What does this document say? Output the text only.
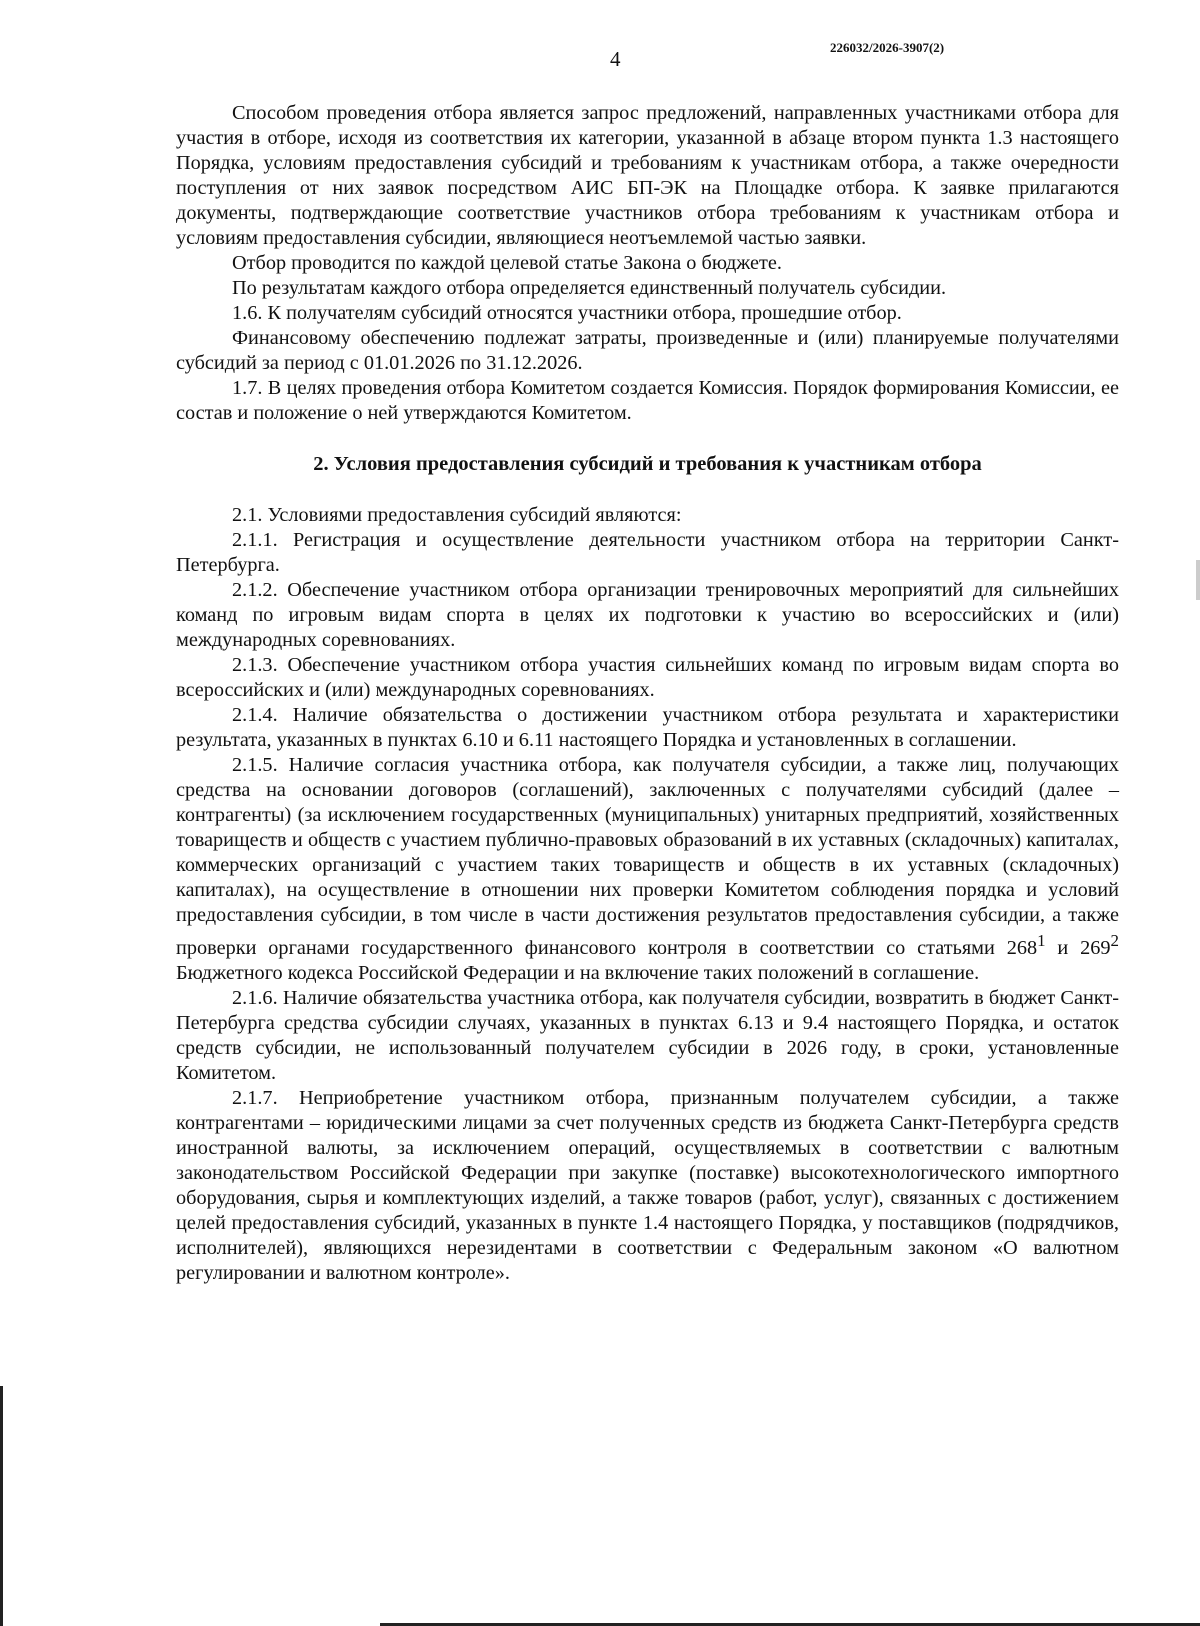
4	226032/2026-3907(2)

Способом проведения отбора является запрос предложений, направленных участниками отбора для участия в отборе, исходя из соответствия их категории, указанной в абзаце втором пункта 1.3 настоящего Порядка, условиям предоставления субсидий и требованиям к участникам отбора, а также очередности поступления от них заявок посредством АИС БП-ЭК на Площадке отбора. К заявке прилагаются документы, подтверждающие соответствие участников отбора требованиям к участникам отбора и условиям предоставления субсидии, являющиеся неотъемлемой частью заявки.

Отбор проводится по каждой целевой статье Закона о бюджете.

По результатам каждого отбора определяется единственный получатель субсидии.

1.6. К получателям субсидий относятся участники отбора, прошедшие отбор.

Финансовому обеспечению подлежат затраты, произведенные и (или) планируемые получателями субсидий за период с 01.01.2026 по 31.12.2026.

1.7. В целях проведения отбора Комитетом создается Комиссия. Порядок формирования Комиссии, ее состав и положение о ней утверждаются Комитетом.

2. Условия предоставления субсидий и требования к участникам отбора

2.1. Условиями предоставления субсидий являются:

2.1.1. Регистрация и осуществление деятельности участником отбора на территории Санкт-Петербурга.

2.1.2. Обеспечение участником отбора организации тренировочных мероприятий для сильнейших команд по игровым видам спорта в целях их подготовки к участию во всероссийских и (или) международных соревнованиях.

2.1.3. Обеспечение участником отбора участия сильнейших команд по игровым видам спорта во всероссийских и (или) международных соревнованиях.

2.1.4. Наличие обязательства о достижении участником отбора результата и характеристики результата, указанных в пунктах 6.10 и 6.11 настоящего Порядка и установленных в соглашении.

2.1.5. Наличие согласия участника отбора, как получателя субсидии, а также лиц, получающих средства на основании договоров (соглашений), заключенных с получателями субсидий (далее – контрагенты) (за исключением государственных (муниципальных) унитарных предприятий, хозяйственных товариществ и обществ с участием публично-правовых образований в их уставных (складочных) капиталах, коммерческих организаций с участием таких товариществ и обществ в их уставных (складочных) капиталах), на осуществление в отношении них проверки Комитетом соблюдения порядка и условий предоставления субсидии, в том числе в части достижения результатов предоставления субсидии, а также проверки органами государственного финансового контроля в соответствии со статьями $268^1$ и $269^2$ Бюджетного кодекса Российской Федерации и на включение таких положений в соглашение.

2.1.6. Наличие обязательства участника отбора, как получателя субсидии, возвратить в бюджет Санкт-Петербурга средства субсидии случаях, указанных в пунктах 6.13 и 9.4 настоящего Порядка, и остаток средств субсидии, не использованный получателем субсидии в 2026 году, в сроки, установленные Комитетом.

2.1.7. Неприобретение участником отбора, признанным получателем субсидии, а также контрагентами – юридическими лицами за счет полученных средств из бюджета Санкт-Петербурга средств иностранной валюты, за исключением операций, осуществляемых в соответствии с валютным законодательством Российской Федерации при закупке (поставке) высокотехнологического импортного оборудования, сырья и комплектующих изделий, а также товаров (работ, услуг), связанных с достижением целей предоставления субсидий, указанных в пункте 1.4 настоящего Порядка, у поставщиков (подрядчиков, исполнителей), являющихся нерезидентами в соответствии с Федеральным законом «О валютном регулировании и валютном контроле».
